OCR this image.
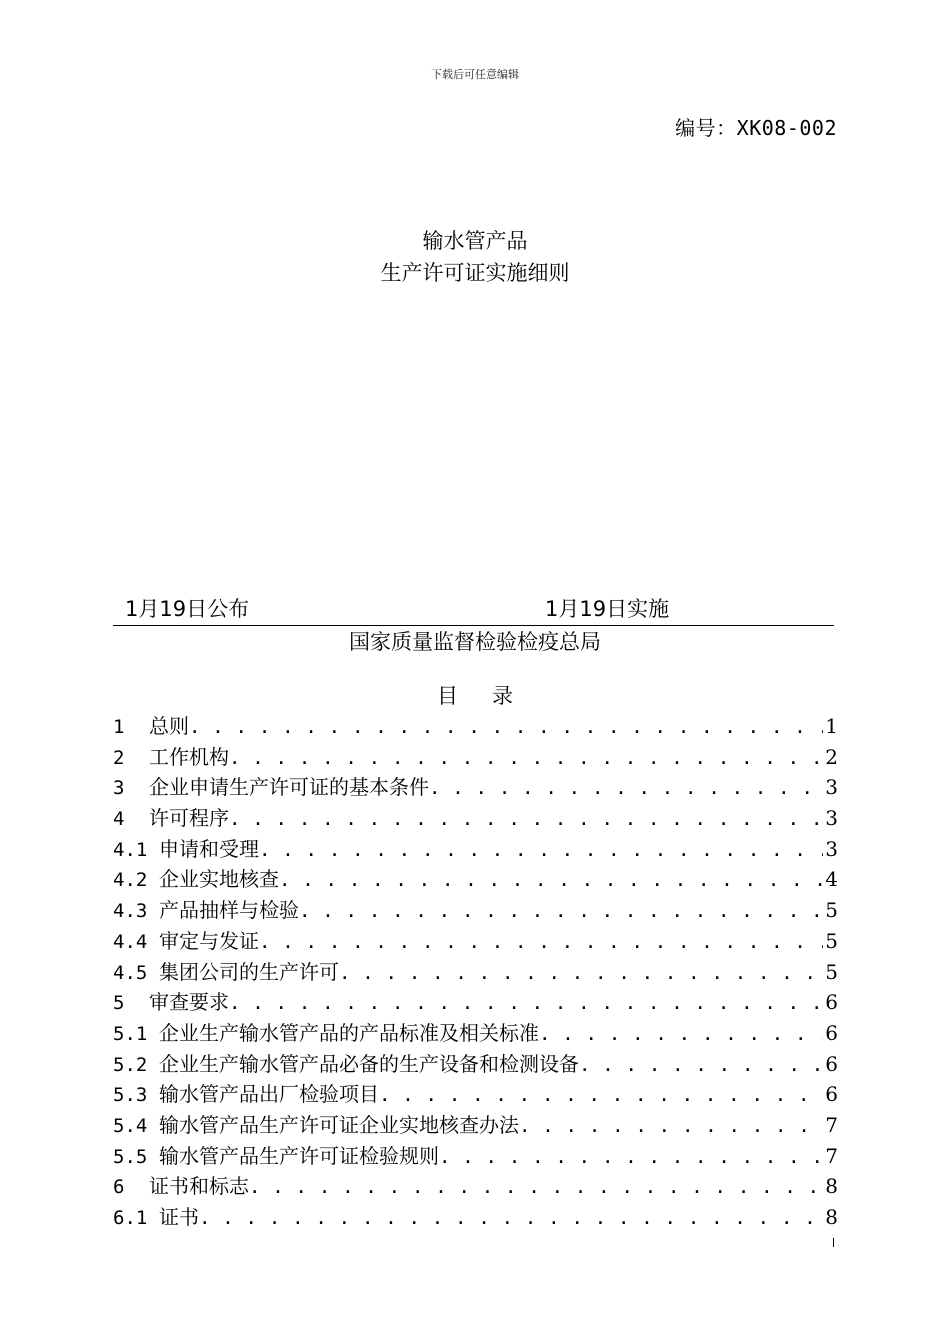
下载后可任意编辑
编号：XK08-002
输水管产品
生产许可证实施细则
1月19日公布	1月19日实施
国家质量监督检验检疫总局
目录
1	总则 . . .	1
2	工作机构 . . .	2
3	企业申请生产许可证的基本条件 . . .	3
4	许可程序 . . .	3
4.1 申请和受理 . . .	3
4.2 企业实地核查 . . .	4
4.3 产品抽样与检验 . . .	5
4.4 审定与发证 . . .	5
4.5 集团公司的生产许可 . . .	5
5	审查要求 . . .	6
5.1 企业生产输水管产品的产品标准及相关标准 . . .	6
5.2 企业生产输水管产品必备的生产设备和检测设备 . . .	6
5.3 输水管产品出厂检验项目 . . .	6
5.4 输水管产品生产许可证企业实地核查办法 . . .	7
5.5 输水管产品生产许可证检验规则 . . .	7
6	证书和标志 . . .	8
6.1 证书 . . .	8
